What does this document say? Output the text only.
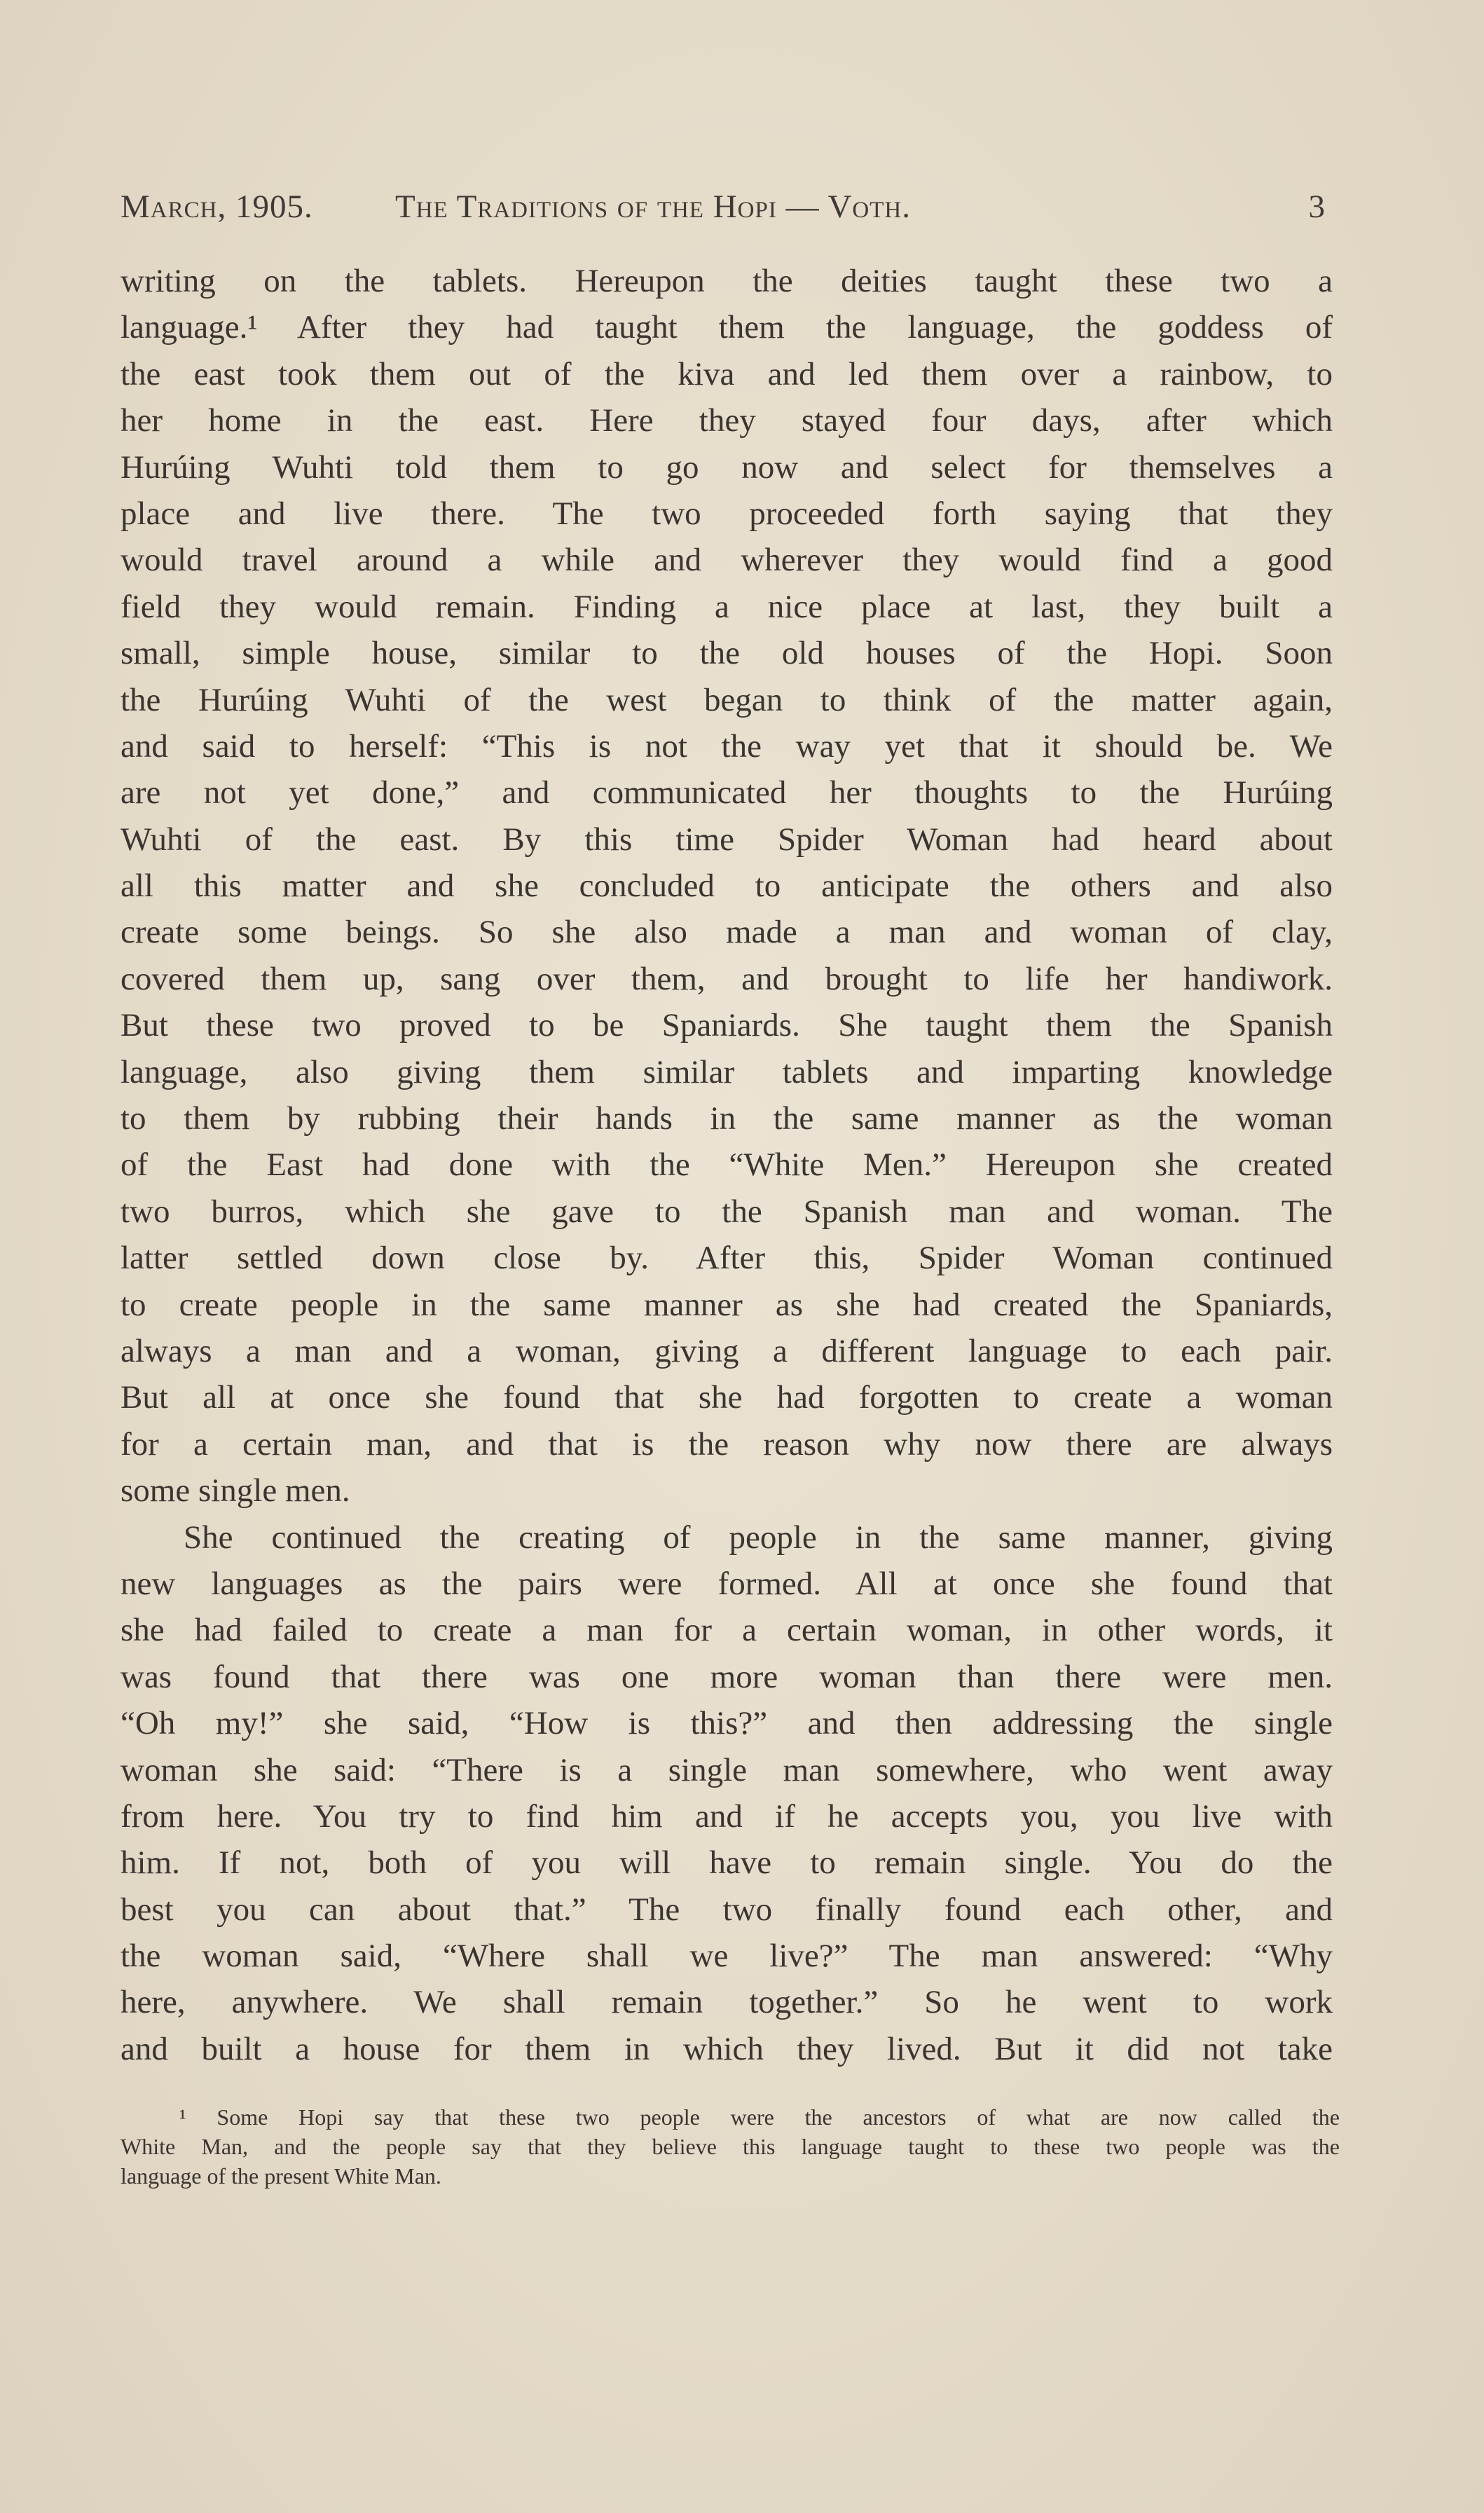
March, 1905. The Traditions of the Hopi — Voth.	3
writing on the tablets. Hereupon the deities taught these two a
language.¹ After they had taught them the language, the goddess of
the east took them out of the kiva and led them over a rainbow, to
her home in the east. Here they stayed four days, after which
Hurúing Wuhti told them to go now and select for themselves a
place and live there. The two proceeded forth saying that they
would travel around a while and wherever they would find a good
field they would remain. Finding a nice place at last, they built a
small, simple house, similar to the old houses of the Hopi. Soon
the Hurúing Wuhti of the west began to think of the matter again,
and said to herself: “This is not the way yet that it should be. We
are not yet done,” and communicated her thoughts to the Hurúing
Wuhti of the east. By this time Spider Woman had heard about
all this matter and she concluded to anticipate the others and also
create some beings. So she also made a man and woman of clay,
covered them up, sang over them, and brought to life her handiwork.
But these two proved to be Spaniards. She taught them the Spanish
language, also giving them similar tablets and imparting knowledge
to them by rubbing their hands in the same manner as the woman
of the East had done with the “White Men.” Hereupon she created
two burros, which she gave to the Spanish man and woman. The
latter settled down close by. After this, Spider Woman continued
to create people in the same manner as she had created the Spaniards,
always a man and a woman, giving a different language to each pair.
But all at once she found that she had forgotten to create a woman
for a certain man, and that is the reason why now there are always
some single men.
She continued the creating of people in the same manner, giving
new languages as the pairs were formed. All at once she found that
she had failed to create a man for a certain woman, in other words, it
was found that there was one more woman than there were men.
“Oh my!” she said, “How is this?” and then addressing the single
woman she said: “There is a single man somewhere, who went away
from here. You try to find him and if he accepts you, you live with
him. If not, both of you will have to remain single. You do the
best you can about that.” The two finally found each other, and
the woman said, “Where shall we live?” The man answered: “Why
here, anywhere. We shall remain together.” So he went to work
and built a house for them in which they lived. But it did not take
¹ Some Hopi say that these two people were the ancestors of what are now called the
White Man, and the people say that they believe this language taught to these two people was the
language of the present White Man.
